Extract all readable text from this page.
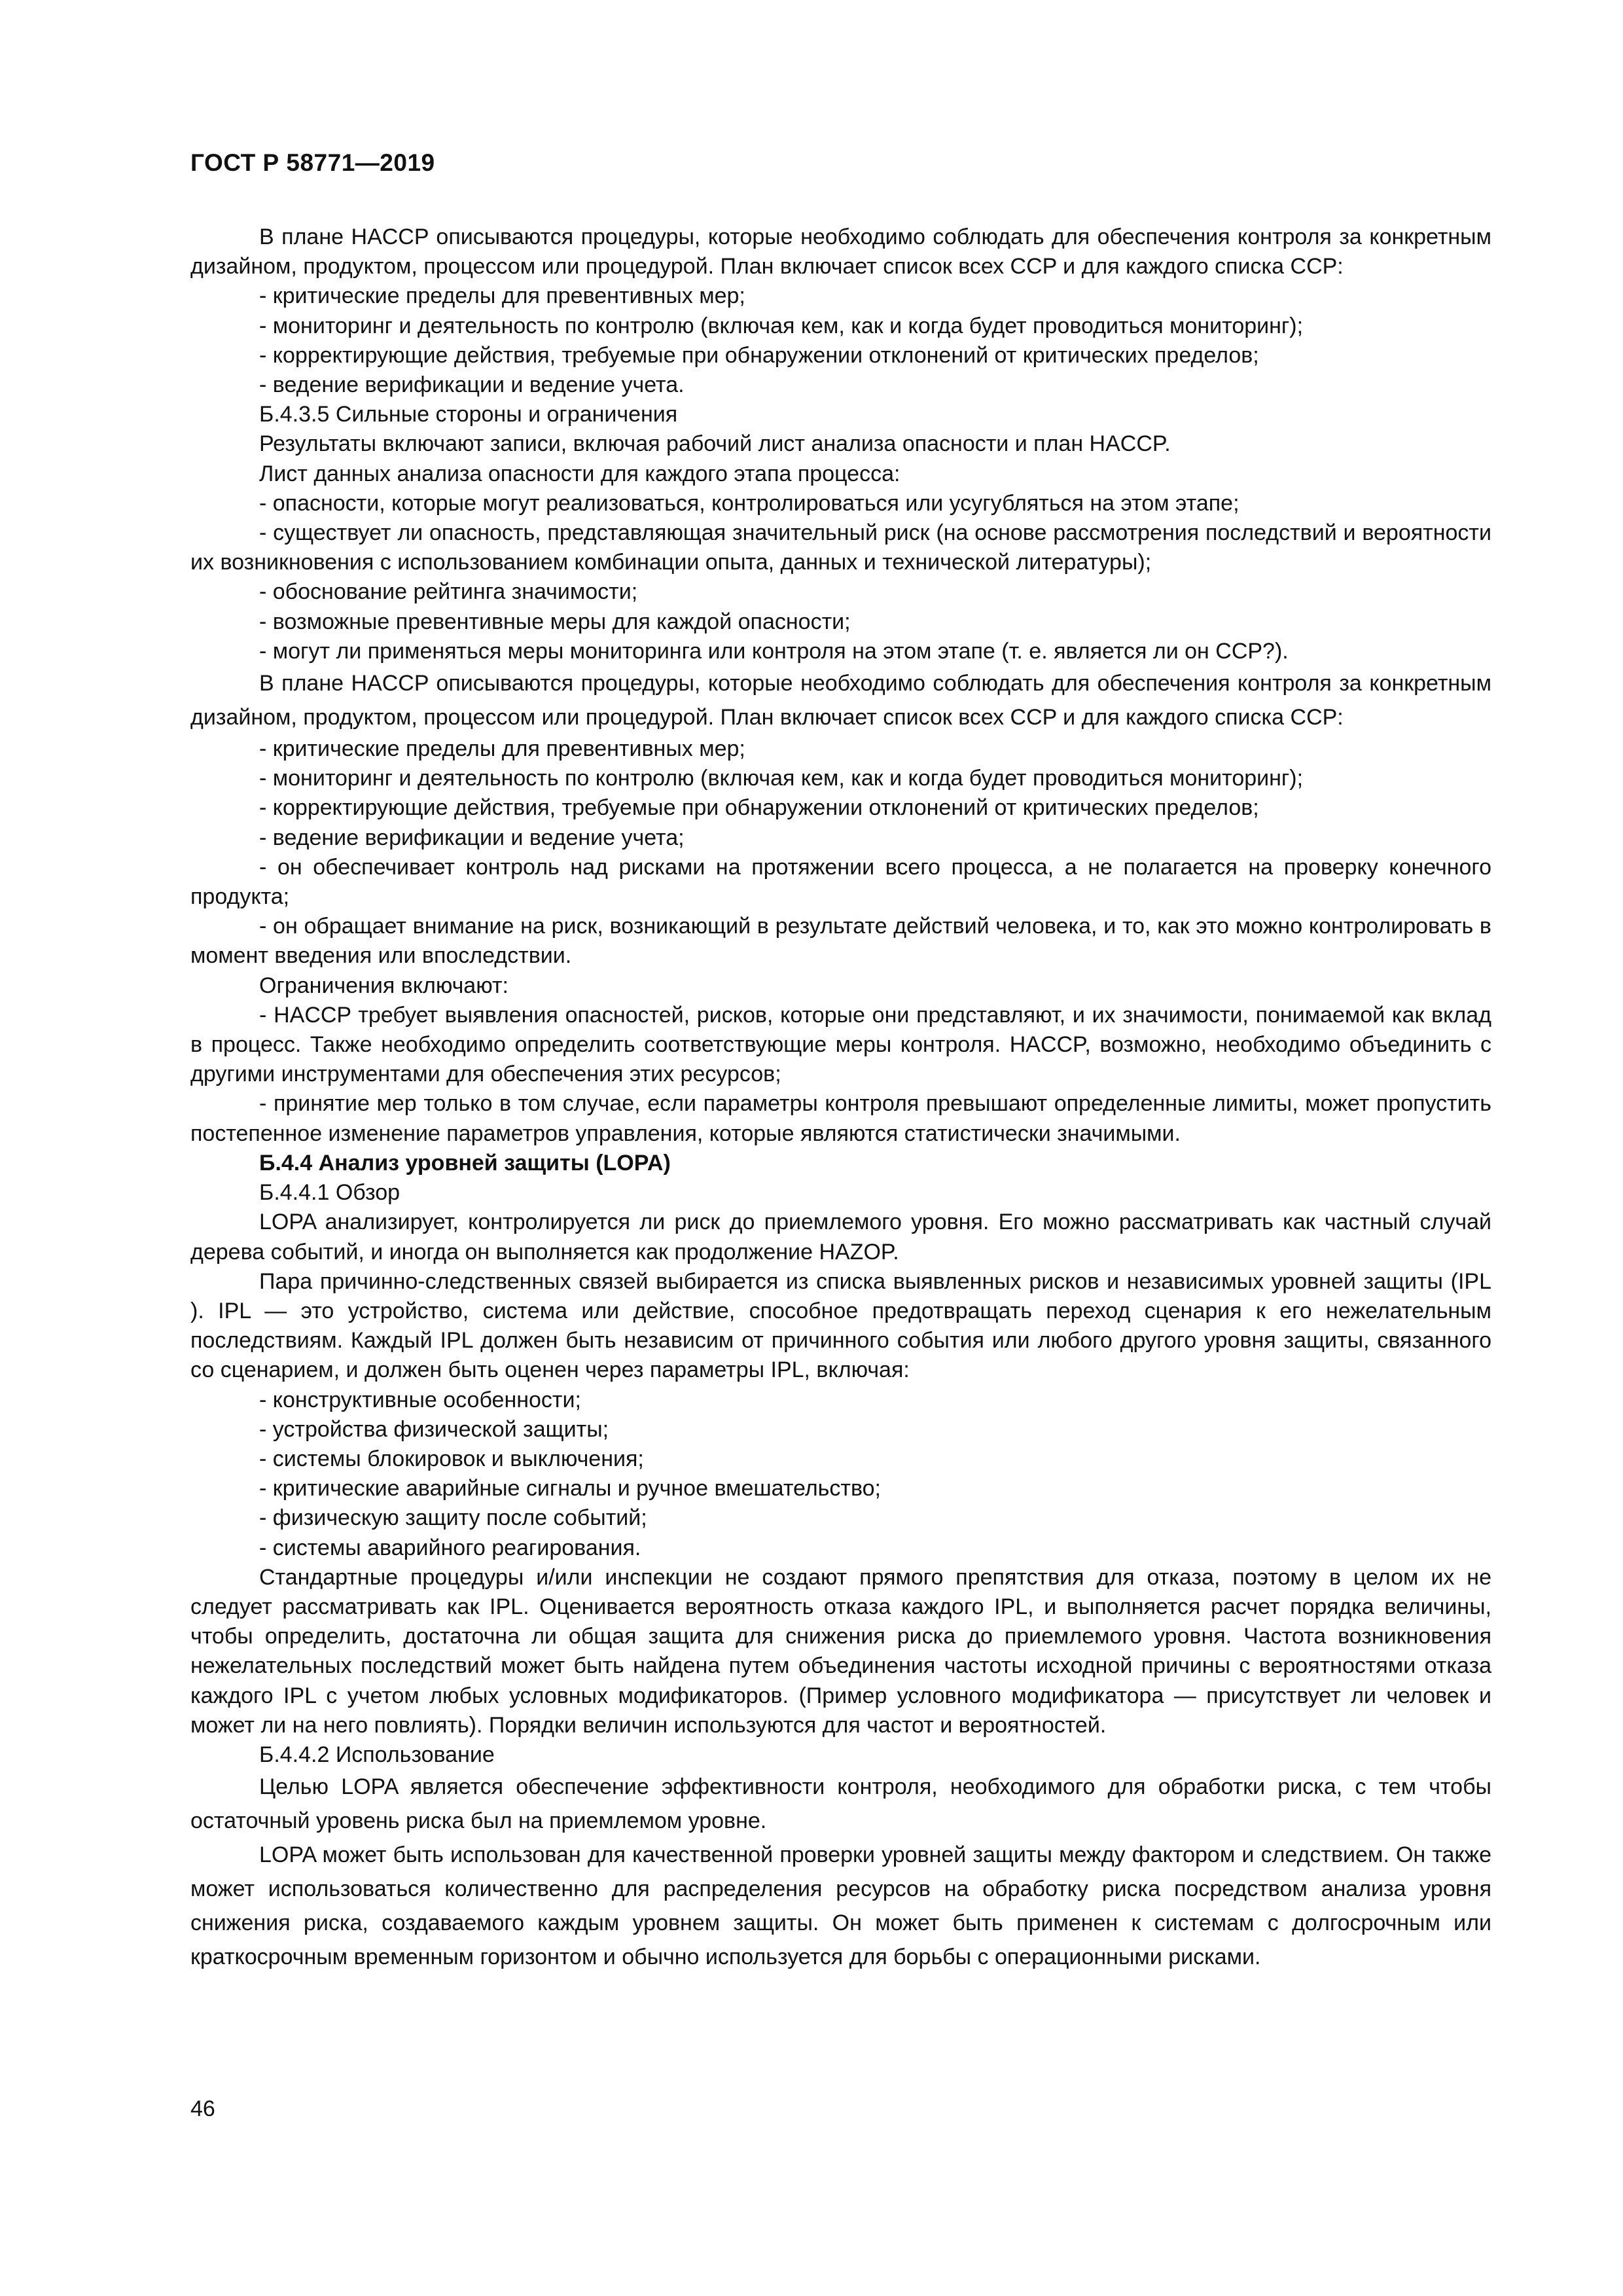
ГОСТ Р 58771—2019

В плане HACCP описываются процедуры, которые необходимо соблюдать для обеспечения контроля за конкретным дизайном, продуктом, процессом или процедурой. План включает список всех CCP и для каждого списка CCP:

- критические пределы для превентивных мер;

- мониторинг и деятельность по контролю (включая кем, как и когда будет проводиться мониторинг);

- корректирующие действия, требуемые при обнаружении отклонений от критических пределов;

- ведение верификации и ведение учета.

Б.4.3.5 Сильные стороны и ограничения

Результаты включают записи, включая рабочий лист анализа опасности и план HACCP.

Лист данных анализа опасности для каждого этапа процесса:

- опасности, которые могут реализоваться, контролироваться или усугубляться на этом этапе;

- существует ли опасность, представляющая значительный риск (на основе рассмотрения последствий и вероятности их возникновения с использованием комбинации опыта, данных и технической литературы);

- обоснование рейтинга значимости;

- возможные превентивные меры для каждой опасности;

- могут ли применяться меры мониторинга или контроля на этом этапе (т. е. является ли он CCP?).

В плане HACCP описываются процедуры, которые необходимо соблюдать для обеспечения контроля за конкретным дизайном, продуктом, процессом или процедурой. План включает список всех CCP и для каждого списка CCP:

- критические пределы для превентивных мер;

- мониторинг и деятельность по контролю (включая кем, как и когда будет проводиться мониторинг);

- корректирующие действия, требуемые при обнаружении отклонений от критических пределов;

- ведение верификации и ведение учета;

- он обеспечивает контроль над рисками на протяжении всего процесса, а не полагается на проверку конечного продукта;

- он обращает внимание на риск, возникающий в результате действий человека, и то, как это можно контролировать в момент введения или впоследствии.

Ограничения включают:

- HACCP требует выявления опасностей, рисков, которые они представляют, и их значимости, понимаемой как вклад в процесс. Также необходимо определить соответствующие меры контроля. HACCP, возможно, необходимо объединить с другими инструментами для обеспечения этих ресурсов;

- принятие мер только в том случае, если параметры контроля превышают определенные лимиты, может пропустить постепенное изменение параметров управления, которые являются статистически значимыми.

Б.4.4 Анализ уровней защиты (LOPA)

Б.4.4.1 Обзор

LOPA анализирует, контролируется ли риск до приемлемого уровня. Его можно рассматривать как частный случай дерева событий, и иногда он выполняется как продолжение HAZOP.

Пара причинно-следственных связей выбирается из списка выявленных рисков и независимых уровней защиты (IPL ). IPL — это устройство, система или действие, способное предотвращать переход сценария к его нежелательным последствиям. Каждый IPL должен быть независим от причинного события или любого другого уровня защиты, связанного со сценарием, и должен быть оценен через параметры IPL, включая:

- конструктивные особенности;

- устройства физической защиты;

- системы блокировок и выключения;

- критические аварийные сигналы и ручное вмешательство;

- физическую защиту после событий;

- системы аварийного реагирования.

Стандартные процедуры и/или инспекции не создают прямого препятствия для отказа, поэтому в целом их не следует рассматривать как IPL. Оценивается вероятность отказа каждого IPL, и выполняется расчет порядка величины, чтобы определить, достаточна ли общая защита для снижения риска до приемлемого уровня. Частота возникновения нежелательных последствий может быть найдена путем объединения частоты исходной причины с вероятностями отказа каждого IPL с учетом любых условных модификаторов. (Пример условного модификатора — присутствует ли человек и может ли на него повлиять). Порядки величин используются для частот и вероятностей.

Б.4.4.2 Использование

Целью LOPA является обеспечение эффективности контроля, необходимого для обработки риска, с тем чтобы остаточный уровень риска был на приемлемом уровне.

LOPA может быть использован для качественной проверки уровней защиты между фактором и следствием. Он также может использоваться количественно для распределения ресурсов на обработку риска посредством анализа уровня снижения риска, создаваемого каждым уровнем защиты. Он может быть применен к системам с долгосрочным или краткосрочным временным горизонтом и обычно используется для борьбы с операционными рисками.

46
